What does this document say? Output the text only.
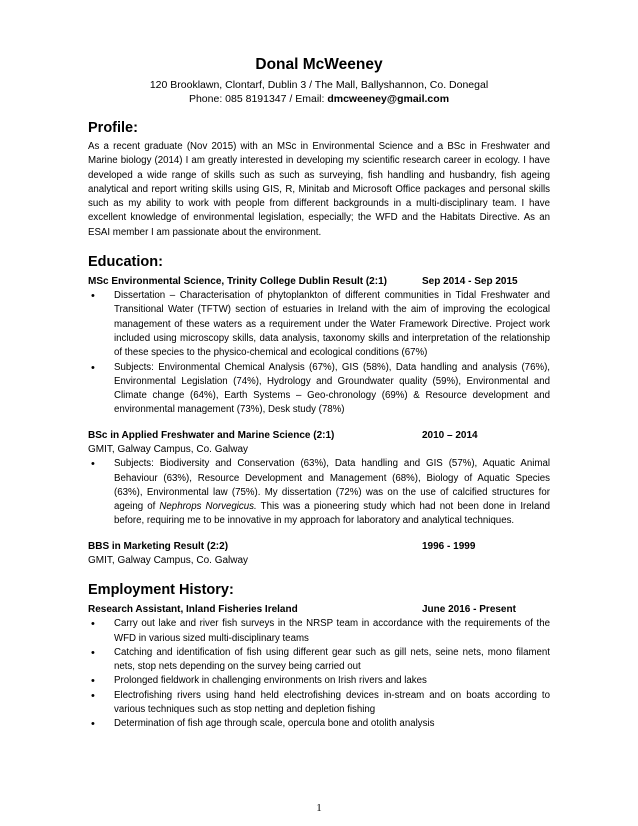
Donal McWeeney
120 Brooklawn, Clontarf, Dublin 3 / The Mall, Ballyshannon, Co. Donegal
Phone: 085 8191347 / Email: dmcweeney@gmail.com
Profile:

As a recent graduate (Nov 2015) with an MSc in Environmental Science and a BSc in Freshwater and Marine biology (2014) I am greatly interested in developing my scientific research career in ecology. I have developed a wide range of skills such as such as surveying, fish handling and husbandry, fish ageing analytical and report writing skills using GIS, R, Minitab and Microsoft Office packages and personal skills such as my ability to work with people from different backgrounds in a multi-disciplinary team. I have excellent knowledge of environmental legislation, especially; the WFD and the Habitats Directive. As an ESAI member I am passionate about the environment.

Education:
MSc Environmental Science, Trinity College Dublin Result (2:1)	Sep 2014 - Sep 2015
• Dissertation – Characterisation of phytoplankton of different communities in Tidal Freshwater and Transitional Water (TFTW) section of estuaries in Ireland with the aim of improving the ecological management of these waters as a requirement under the Water Framework Directive. Project work included using microscopy skills, data analysis, taxonomy skills and interpretation of the relationship of these species to the physico-chemical and ecological conditions (67%)
• Subjects: Environmental Chemical Analysis (67%), GIS (58%), Data handling and analysis (76%), Environmental Legislation (74%), Hydrology and Groundwater quality (59%), Environmental and Climate change (64%), Earth Systems – Geo-chronology (69%) & Resource development and environmental management (73%), Desk study (78%)
BSc in Applied Freshwater and Marine Science (2:1)	2010 – 2014
GMIT, Galway Campus, Co. Galway
• Subjects: Biodiversity and Conservation (63%), Data handling and GIS (57%), Aquatic Animal Behaviour (63%), Resource Development and Management (68%), Biology of Aquatic Species (63%), Environmental law (75%). My dissertation (72%) was on the use of calcified structures for ageing of Nephrops Norvegicus. This was a pioneering study which had not been done in Ireland before, requiring me to be innovative in my approach for laboratory and analytical techniques.
BBS in Marketing Result (2:2)	1996 - 1999
GMIT, Galway Campus, Co. Galway
Employment History:
Research Assistant, Inland Fisheries Ireland	June 2016 - Present
• Carry out lake and river fish surveys in the NRSP team in accordance with the requirements of the WFD in various sized multi-disciplinary teams
• Catching and identification of fish using different gear such as gill nets, seine nets, mono filament nets, stop nets depending on the survey being carried out
• Prolonged fieldwork in challenging environments on Irish rivers and lakes
• Electrofishing rivers using hand held electrofishing devices in-stream and on boats according to various techniques such as stop netting and depletion fishing
• Determination of fish age through scale, opercula bone and otolith analysis
1
